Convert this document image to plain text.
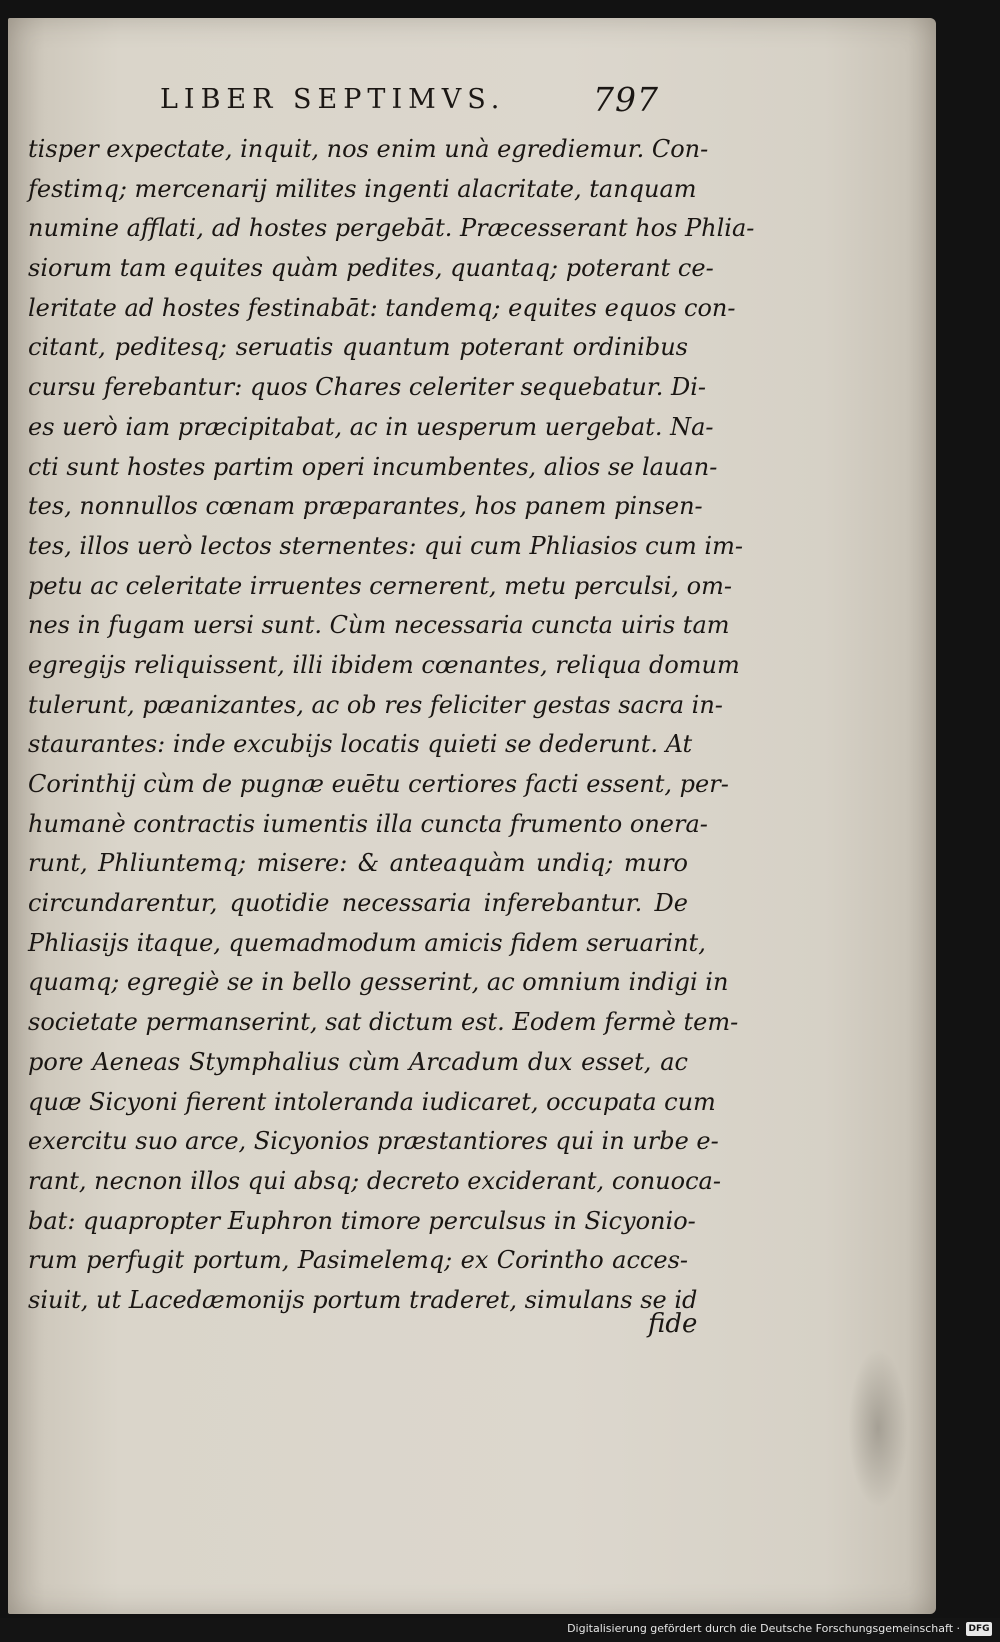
LIBER SEPTIMVS.	797
tisper expectate, inquit, nos enim unà egrediemur. Con-
festimq; mercenarij milites ingenti alacritate, tanquam
numine afflati, ad hostes pergebāt. Præcesserant hos Phlia-
siorum tam equites quàm pedites, quantaq; poterant ce-
leritate ad hostes festinabāt: tandemq; equites equos con-
citant, peditesq; seruatis quantum poterant ordinibus
cursu ferebantur: quos Chares celeriter sequebatur. Di-
es uerò iam præcipitabat, ac in uesperum uergebat. Na-
cti sunt hostes partim operi incumbentes, alios se lauan-
tes, nonnullos cœnam præparantes, hos panem pinsen-
tes, illos uerò lectos sternentes: qui cum Phliasios cum im-
petu ac celeritate irruentes cernerent, metu perculsi, om-
nes in fugam uersi sunt. Cùm necessaria cuncta uiris tam
egregijs reliquissent, illi ibidem cœnantes, reliqua domum
tulerunt, pæanizantes, ac ob res feliciter gestas sacra in-
staurantes: inde excubijs locatis quieti se dederunt. At
Corinthij cùm de pugnæ euētu certiores facti essent, per-
humanè contractis iumentis illa cuncta frumento onera-
runt, Phliuntemq; misere: & anteaquàm undiq; muro
circundarentur, quotidie necessaria inferebantur. De
Phliasijs itaque, quemadmodum amicis fidem seruarint,
quamq; egregiè se in bello gesserint, ac omnium indigi in
societate permanserint, sat dictum est. Eodem fermè tem-
pore Aeneas Stymphalius cùm Arcadum dux esset, ac
quæ Sicyoni fierent intoleranda iudicaret, occupata cum
exercitu suo arce, Sicyonios præstantiores qui in urbe e-
rant, necnon illos qui absq; decreto exciderant, conuoca-
bat: quapropter Euphron timore perculsus in Sicyonio-
rum perfugit portum, Pasimelemq; ex Corintho acces-
siuit, ut Lacedæmonijs portum traderet, simulans se id
fide
Digitalisierung gefördert durch die Deutsche Forschungsgemeinschaft · DFG
